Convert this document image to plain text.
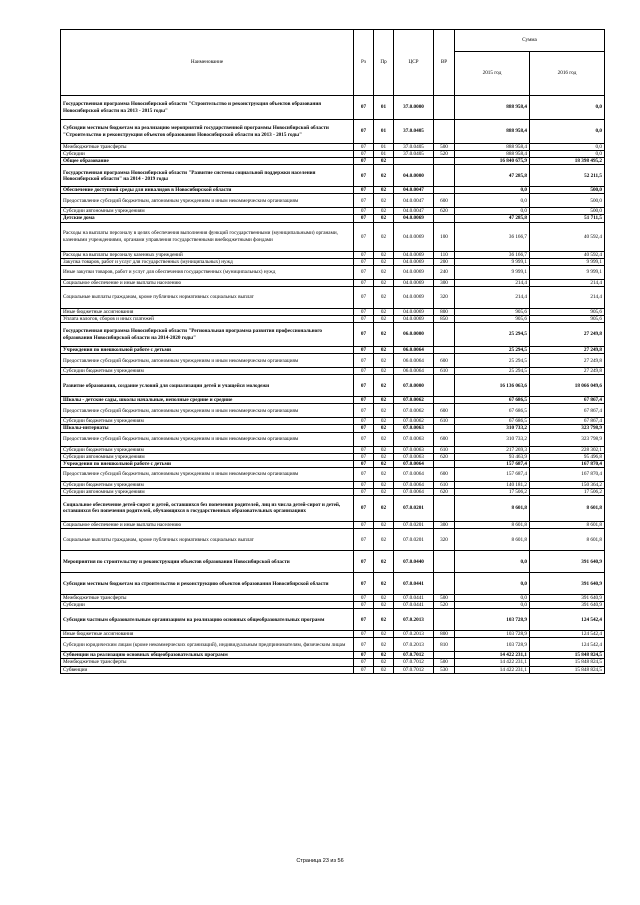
Наименование	Рз	Пр	ЦСР	ВР	Сумма	
					2015 год	2016 год
Государственная программа Новосибирской области "Строительство и реконструкция объектов образования Новосибирской области на 2013 - 2015 годы"	07	01	37.0.0000		888 958,4	0,0
Субсидии местным бюджетам на реализацию мероприятий государственной программы Новосибирской области "Строительство и реконструкция объектов образования Новосибирской области на 2013 - 2015 годы"	07	01	37.0.0405		888 958,4	0,0
Межбюджетные трансферты	07	01	37.0.0405	500	888 958,4	0,0
Субсидии	07	01	37.0.0405	520	888 958,4	0,0
Общее образование	07	02			16 840 675,9	18 398 495,2
Государственная программа Новосибирской области "Развитие системы социальной поддержки населения Новосибирской области" на 2014 - 2019 годы	07	02	04.0.0000		47 285,8	52 211,5
Обеспечение доступной среды для инвалидов в Новосибирской области	07	02	04.0.0047		0,0	500,0
Предоставление субсидий бюджетным, автономным учреждениям и иным некоммерческим организациям	07	02	04.0.0047	600	0,0	500,0
Субсидии автономным учреждениям	07	02	04.0.0047	620	0,0	500,0
Детские дома	07	02	04.0.0069		47 285,8	51 711,5
Расходы на выплаты персоналу в целях обеспечения выполнения функций государственными (муниципальными) органами, казенными учреждениями, органами управления государственными внебюджетными фондами	07	02	04.0.0069	100	36 166,7	40 592,4
Расходы на выплаты персоналу казенных учреждений	07	02	04.0.0069	110	36 166,7	40 592,4
Закупка товаров, работ и услуг для государственных (муниципальных) нужд	07	02	04.0.0069	200	9 999,1	9 999,1
Иные закупки товаров, работ и услуг для обеспечения государственных (муниципальных) нужд	07	02	04.0.0069	240	9 999,1	9 999,1
Социальное обеспечение и иные выплаты населению	07	02	04.0.0069	300	214,4	214,4
Социальные выплаты гражданам, кроме публичных нормативных социальных выплат	07	02	04.0.0069	320	214,4	214,4
Иные бюджетные ассигнования	07	02	04.0.0069	800	905,6	905,6
Уплата налогов, сборов и иных платежей	07	02	04.0.0069	850	905,6	905,6
Государственная программа Новосибирской области "Региональная программа развития профессионального образования Новосибирской области на 2014-2020 годы"	07	02	06.0.0000		25 294,5	27 249,8
Учреждения по внешкольной работе с детьми	07	02	06.0.0064		25 294,5	27 249,8
Предоставление субсидий бюджетным, автономным учреждениям и иным некоммерческим организациям	07	02	06.0.0064	600	25 294,5	27 249,8
Субсидии бюджетным учреждениям	07	02	06.0.0064	610	25 294,5	27 249,8
Развитие образования, создание условий для социализации детей и учащейся молодежи	07	02	07.0.0000		16 136 063,6	18 066 049,6
Школы - детские сады, школы начальные, неполные средние и средние	07	02	07.0.0062		67 686,5	67 867,4
Предоставление субсидий бюджетным, автономным учреждениям и иным некоммерческим организациям	07	02	07.0.0062	600	67 686,5	67 867,4
Субсидии бюджетным учреждениям	07	02	07.0.0062	610	67 686,5	67 867,4
Школы-интернаты	07	02	07.0.0063		310 733,2	323 798,9
Предоставление субсидий бюджетным, автономным учреждениям и иным некоммерческим организациям	07	02	07.0.0063	600	310 733,2	323 798,9
Субсидии бюджетным учреждениям	07	02	07.0.0063	610	217 269,3	228 302,1
Субсидии автономным учреждениям	07	02	07.0.0063	620	93 463,9	95 496,8
Учреждения по внешкольной работе с детьми	07	02	07.0.0064		157 687,4	167 870,4
Предоставление субсидий бюджетным, автономным учреждениям и иным некоммерческим организациям	07	02	07.0.0064	600	157 687,4	167 870,4
Субсидии бюджетным учреждениям	07	02	07.0.0064	610	140 181,2	150 364,2
Субсидии автономным учреждениям	07	02	07.0.0064	620	17 506,2	17 506,2
Социальное обеспечение детей-сирот и детей, оставшихся без попечения родителей, лиц из числа детей-сирот и детей, оставшихся без попечения родителей, обучающихся в государственных образовательных организациях	07	02	07.0.0201		8 601,8	8 601,8
Социальное обеспечение и иные выплаты населению	07	02	07.0.0201	300	8 601,8	8 601,8
Социальные выплаты гражданам, кроме публичных нормативных социальных выплат	07	02	07.0.0201	320	8 601,8	8 601,8
Мероприятия по строительству и реконструкции объектов образования Новосибирской области	07	02	07.0.0440		0,0	391 640,9
Субсидии местным бюджетам на строительство и реконструкцию объектов образования Новосибирской области	07	02	07.0.0441		0,0	391 640,9
Межбюджетные трансферты	07	02	07.0.0441	500	0,0	391 640,9
Субсидии	07	02	07.0.0441	520	0,0	391 640,9
Субсидии частным образовательным организациям на реализацию основных общеобразовательных программ	07	02	07.0.2013		103 728,9	124 542,4
Иные бюджетные ассигнования	07	02	07.0.2013	800	103 728,9	124 542,4
Субсидии юридическим лицам (кроме некоммерческих организаций), индивидуальным предпринимателям, физическим лицам	07	02	07.0.2013	810	103 728,9	124 542,4
Субвенции на реализацию основных общеобразовательных программ	07	02	07.0.7012		14 422 231,1	15 848 824,5
Межбюджетные трансферты	07	02	07.0.7012	500	14 422 231,1	15 848 824,5
Субвенции	07	02	07.0.7012	530	14 422 231,1	15 848 824,5
Страница 23 из 56
